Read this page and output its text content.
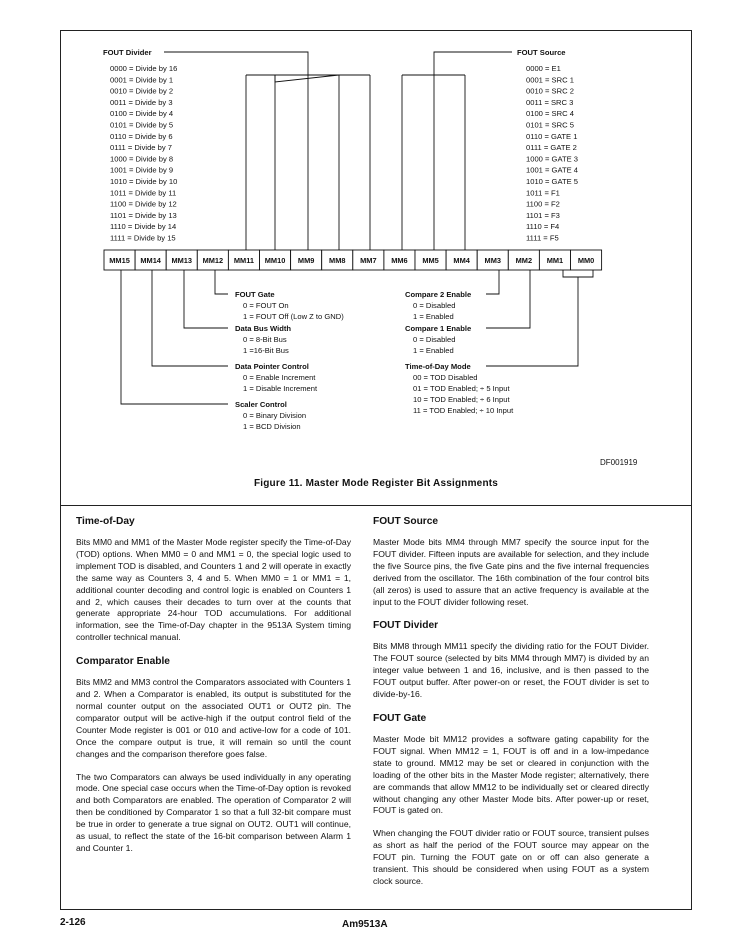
FOUT Divider
0000 = Divide by 16
0001 = Divide by 1
0010 = Divide by 2
0011 = Divide by 3
0100 = Divide by 4
0101 = Divide by 5
0110 = Divide by 6
0111 = Divide by 7
1000 = Divide by 8
1001 = Divide by 9
1010 = Divide by 10
1011 = Divide by 11
1100 = Divide by 12
1101 = Divide by 13
1110 = Divide by 14
1111 = Divide by 15
FOUT Source
0000 = E1
0001 = SRC 1
0010 = SRC 2
0011 = SRC 3
0100 = SRC 4
0101 = SRC 5
0110 = GATE 1
0111 = GATE 2
1000 = GATE 3
1001 = GATE 4
1010 = GATE 5
1011 = F1
1100 = F2
1101 = F3
1110 = F4
1111 = F5
MM15 MM14 MM13 MM12 MM11 MM10 MM9 MM8 MM7 MM6 MM5 MM4 MM3 MM2 MM1 MM0
FOUT Gate
0 = FOUT On
1 = FOUT Off (Low Z to GND)
Data Bus Width
0 = 8-Bit Bus
1 =16-Bit Bus
Data Pointer Control
0 = Enable Increment
1 = Disable Increment
Scaler Control
0 = Binary Division
1 = BCD Division
Compare 2 Enable
0 = Disabled
1 = Enabled
Compare 1 Enable
0 = Disabled
1 = Enabled
Time-of-Day Mode
00 = TOD Disabled
01 = TOD Enabled; ÷ 5 Input
10 = TOD Enabled; ÷ 6 Input
11 = TOD Enabled; ÷ 10 Input
DF001919
Figure 11. Master Mode Register Bit Assignments
Time-of-Day

Bits MM0 and MM1 of the Master Mode register specify the Time-of-Day (TOD) options. When MM0 = 0 and MM1 = 0, the special logic used to implement TOD is disabled, and Counters 1 and 2 will operate in exactly the same way as Counters 3, 4 and 5. When MM0 = 1 or MM1 = 1, additional counter decoding and control logic is enabled on Counters 1 and 2, which causes their decades to turn over at the counts that generate appropriate 24-hour TOD accumulations. For additional information, see the Time-of-Day chapter in the 9513A System timing controller technical manual.

Comparator Enable

Bits MM2 and MM3 control the Comparators associated with Counters 1 and 2. When a Comparator is enabled, its output is substituted for the normal counter output on the associated OUT1 or OUT2 pin. The comparator output will be active-high if the output control field of the Counter Mode register is 001 or 010 and active-low for a code of 101. Once the compare output is true, it will remain so until the count changes and the comparison therefore goes false.

The two Comparators can always be used individually in any operating mode. One special case occurs when the Time-of-Day option is revoked and both Comparators are enabled. The operation of Comparator 2 will then be conditioned by Comparator 1 so that a full 32-bit compare must be true in order to generate a true signal on OUT2. OUT1 will continue, as usual, to reflect the state of the 16-bit comparison between Alarm 1 and Counter 1.

FOUT Source

Master Mode bits MM4 through MM7 specify the source input for the FOUT divider. Fifteen inputs are available for selection, and they include the five Source pins, the five Gate pins and the five internal frequencies derived from the oscillator. The 16th combination of the four control bits (all zeros) is used to assure that an active frequency is available at the input to the FOUT divider following reset.

FOUT Divider

Bits MM8 through MM11 specify the dividing ratio for the FOUT Divider. The FOUT source (selected by bits MM4 through MM7) is divided by an integer value between 1 and 16, inclusive, and is then passed to the FOUT output buffer. After power-on or reset, the FOUT divider is set to divide-by-16.

FOUT Gate

Master Mode bit MM12 provides a software gating capability for the FOUT signal. When MM12 = 1, FOUT is off and in a low-impedance state to ground. MM12 may be set or cleared in conjunction with the loading of the other bits in the Master Mode register; alternatively, there are commands that allow MM12 to be individually set or cleared directly without changing any other Master Mode bits. After power-up or reset, FOUT is gated on.

When changing the FOUT divider ratio or FOUT source, transient pulses as short as half the period of the FOUT source may appear on the FOUT pin. Turning the FOUT gate on or off can also generate a transient. This should be considered when using FOUT as a system clock source.

2-126	Am9513A
